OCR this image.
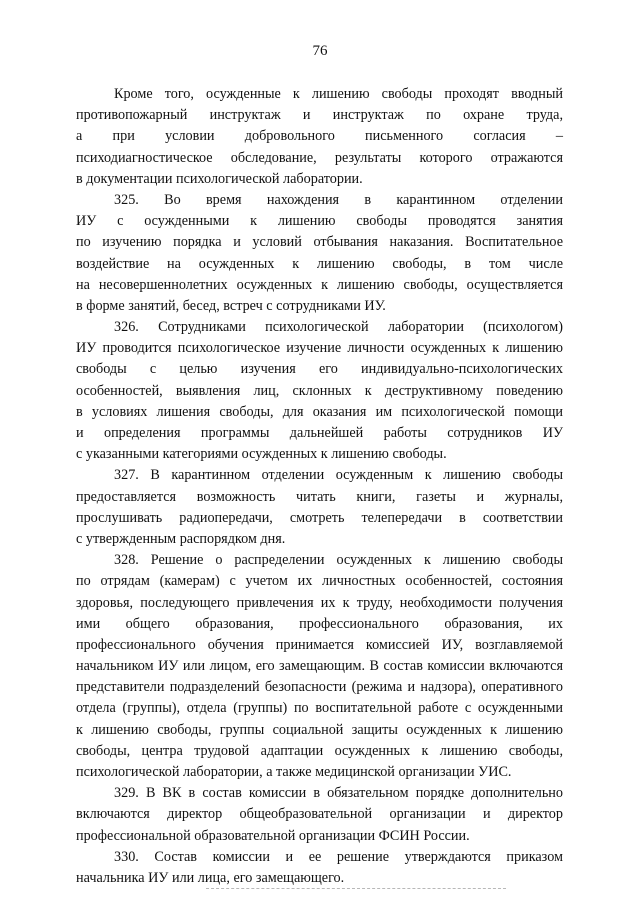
76
Кроме того, осужденные к лишению свободы проходят вводный
противопожарный инструктаж и инструктаж по охране труда,
а при условии добровольного письменного согласия –
психодиагностическое обследование, результаты которого отражаются
в документации психологической лаборатории.
325. Во время нахождения в карантинном отделении
ИУ с осужденными к лишению свободы проводятся занятия
по изучению порядка и условий отбывания наказания. Воспитательное
воздействие на осужденных к лишению свободы, в том числе
на несовершеннолетних осужденных к лишению свободы, осуществляется
в форме занятий, бесед, встреч с сотрудниками ИУ.
326. Сотрудниками психологической лаборатории (психологом)
ИУ проводится психологическое изучение личности осужденных к лишению
свободы с целью изучения его индивидуально-психологических
особенностей, выявления лиц, склонных к деструктивному поведению
в условиях лишения свободы, для оказания им психологической помощи
и определения программы дальнейшей работы сотрудников ИУ
с указанными категориями осужденных к лишению свободы.
327. В карантинном отделении осужденным к лишению свободы
предоставляется возможность читать книги, газеты и журналы,
прослушивать радиопередачи, смотреть телепередачи в соответствии
с утвержденным распорядком дня.
328. Решение о распределении осужденных к лишению свободы
по отрядам (камерам) с учетом их личностных особенностей, состояния
здоровья, последующего привлечения их к труду, необходимости получения
ими общего образования, профессионального образования, их
профессионального обучения принимается комиссией ИУ, возглавляемой
начальником ИУ или лицом, его замещающим. В состав комиссии включаются
представители подразделений безопасности (режима и надзора), оперативного
отдела (группы), отдела (группы) по воспитательной работе с осужденными
к лишению свободы, группы социальной защиты осужденных к лишению
свободы, центра трудовой адаптации осужденных к лишению свободы,
психологической лаборатории, а также медицинской организации УИС.
329. В ВК в состав комиссии в обязательном порядке дополнительно
включаются директор общеобразовательной организации и директор
профессиональной образовательной организации ФСИН России.
330. Состав комиссии и ее решение утверждаются приказом
начальника ИУ или лица, его замещающего.
